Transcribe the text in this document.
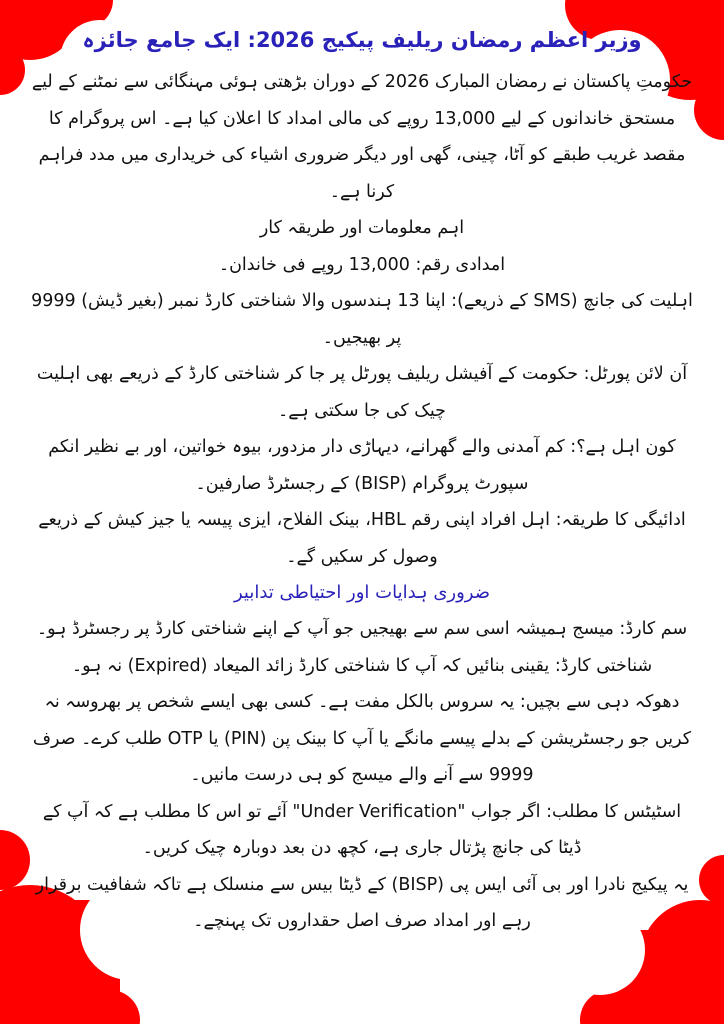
وزیر اعظم رمضان ریلیف پیکیج 2026: ایک جامع جائزہ

حکومتِ پاکستان نے رمضان المبارک 2026 کے دوران بڑھتی ہوئی مہنگائی سے نمٹنے کے لیے مستحق خاندانوں کے لیے 13,000 روپے کی مالی امداد کا اعلان کیا ہے۔ اس پروگرام کا مقصد غریب طبقے کو آٹا، چینی، گھی اور دیگر ضروری اشیاء کی خریداری میں مدد فراہم کرنا ہے۔

اہم معلومات اور طریقہ کار

امدادی رقم: 13,000 روپے فی خاندان۔

اہلیت کی جانچ (SMS کے ذریعے): اپنا 13 ہندسوں والا شناختی کارڈ نمبر (بغیر ڈیش) 9999 پر بھیجیں۔

آن لائن پورٹل: حکومت کے آفیشل ریلیف پورٹل پر جا کر شناختی کارڈ کے ذریعے بھی اہلیت چیک کی جا سکتی ہے۔

کون اہل ہے؟: کم آمدنی والے گھرانے، دیہاڑی دار مزدور، بیوہ خواتین، اور بے نظیر انکم سپورٹ پروگرام (BISP) کے رجسٹرڈ صارفین۔

ادائیگی کا طریقہ: اہل افراد اپنی رقم HBL، بینک الفلاح، ایزی پیسہ یا جیز کیش کے ذریعے وصول کر سکیں گے۔

ضروری ہدایات اور احتیاطی تدابیر

سم کارڈ: میسج ہمیشہ اسی سم سے بھیجیں جو آپ کے اپنے شناختی کارڈ پر رجسٹرڈ ہو۔

شناختی کارڈ: یقینی بنائیں کہ آپ کا شناختی کارڈ زائد المیعاد (Expired) نہ ہو۔

دھوکہ دہی سے بچیں: یہ سروس بالکل مفت ہے۔ کسی بھی ایسے شخص پر بھروسہ نہ کریں جو رجسٹریشن کے بدلے پیسے مانگے یا آپ کا بینک پن (PIN) یا OTP طلب کرے۔ صرف 9999 سے آنے والے میسج کو ہی درست مانیں۔

اسٹیٹس کا مطلب: اگر جواب "Under Verification" آئے تو اس کا مطلب ہے کہ آپ کے ڈیٹا کی جانچ پڑتال جاری ہے، کچھ دن بعد دوبارہ چیک کریں۔

یہ پیکیج نادرا اور بی آئی ایس پی (BISP) کے ڈیٹا بیس سے منسلک ہے تاکہ شفافیت برقرار رہے اور امداد صرف اصل حقداروں تک پہنچے۔
